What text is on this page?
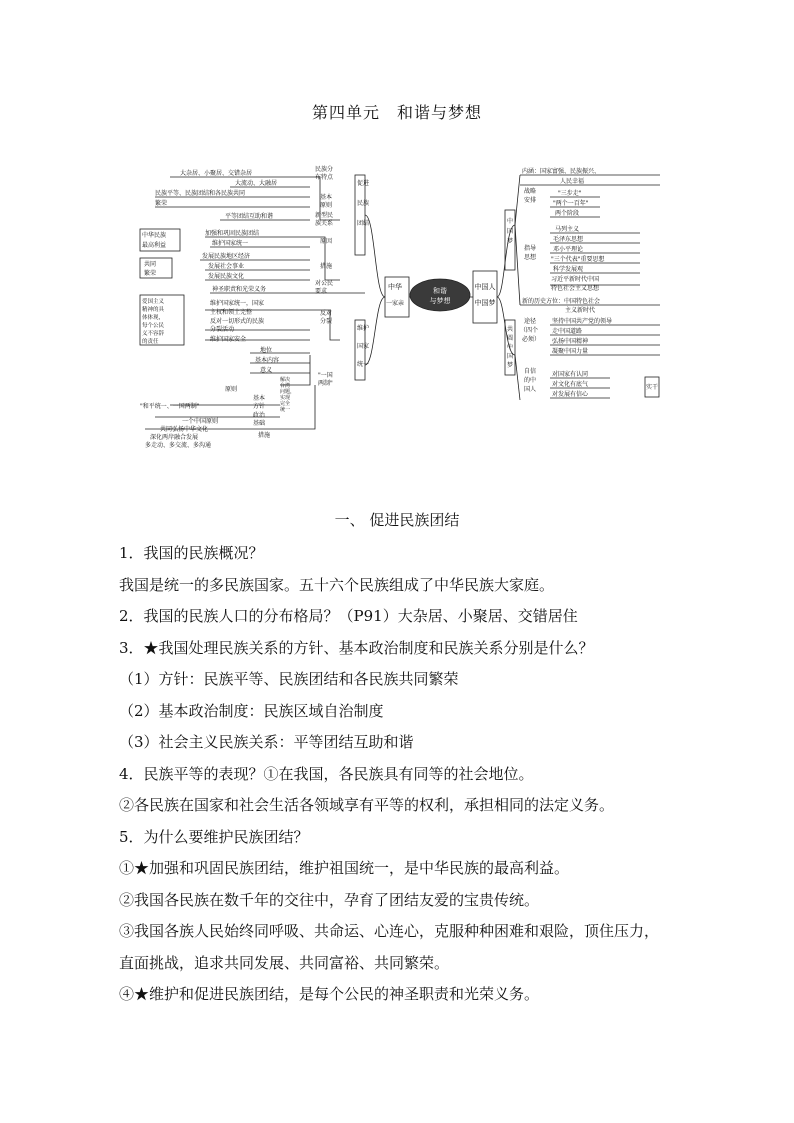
第四单元　和谐与梦想
中华
一家亲
中国人
中国梦
和谐
与梦想
大杂居、小聚居、交错杂居
大流动、大融居
民族平等、民族团结和各民族共同
繁荣
平等团结互助和谐
加强和巩固民族团结
维护国家统一
发展民族地区经济
发展社会事业
发展民族文化
神圣职责和光荣义务
维护国家统一，国家
主权和领土完整
反对一切形式的民族
分裂活动
维护国家安全
地位
基本内容
意义
解决
台湾
问题，
实现
完全
统一
原则
基本
方针
政治
基础
一个中国原则
"和平统一、一国两制"
共同弘扬中华文化
深化两岸融合发展
多走动、多交流、多沟通
民族分
布特点
基本
原则
新型民
族关系
原因
措施
对公民
要求
反对
分裂
"一国
两制"
措施
促进
民族
团结
维护
国家
统一
中华民族
最高利益
共同
繁荣
爱国主义
精神的具
体体现，
每个公民
义不容辞
的责任
中
国
梦
共
圆
中
国
梦
内涵：国家富强、民族振兴、
人民幸福
"三步走"
"两个一百年"
两个阶段
马列主义
毛泽东思想
邓小平理论
"三个代表"重要思想
科学发展观
习近平新时代中国
特色社会主义思想
新的历史方位：中国特色社会
主义新时代
坚持中国共产党的领导
走中国道路
弘扬中国精神
凝聚中国力量
对国家有认同
对文化有底气
对发展有信心
战略
安排
指导
思想
途径
（四个
必须）
自信
的中
国人	实干
一、 促进民族团结

1．我国的民族概况？

我国是统一的多民族国家。五十六个民族组成了中华民族大家庭。

2．我国的民族人口的分布格局？（P91）大杂居、小聚居、交错居住

3．★我国处理民族关系的方针、基本政治制度和民族关系分别是什么？

（1）方针：民族平等、民族团结和各民族共同繁荣

（2）基本政治制度：民族区域自治制度

（3）社会主义民族关系：平等团结互助和谐

4．民族平等的表现？①在我国，各民族具有同等的社会地位。

②各民族在国家和社会生活各领域享有平等的权利，承担相同的法定义务。

5．为什么要维护民族团结？

①★加强和巩固民族团结，维护祖国统一，是中华民族的最高利益。

②我国各民族在数千年的交往中，孕育了团结友爱的宝贵传统。

③我国各族人民始终同呼吸、共命运、心连心，克服种种困难和艰险，顶住压力，

直面挑战，追求共同发展、共同富裕、共同繁荣。

④★维护和促进民族团结，是每个公民的神圣职责和光荣义务。
